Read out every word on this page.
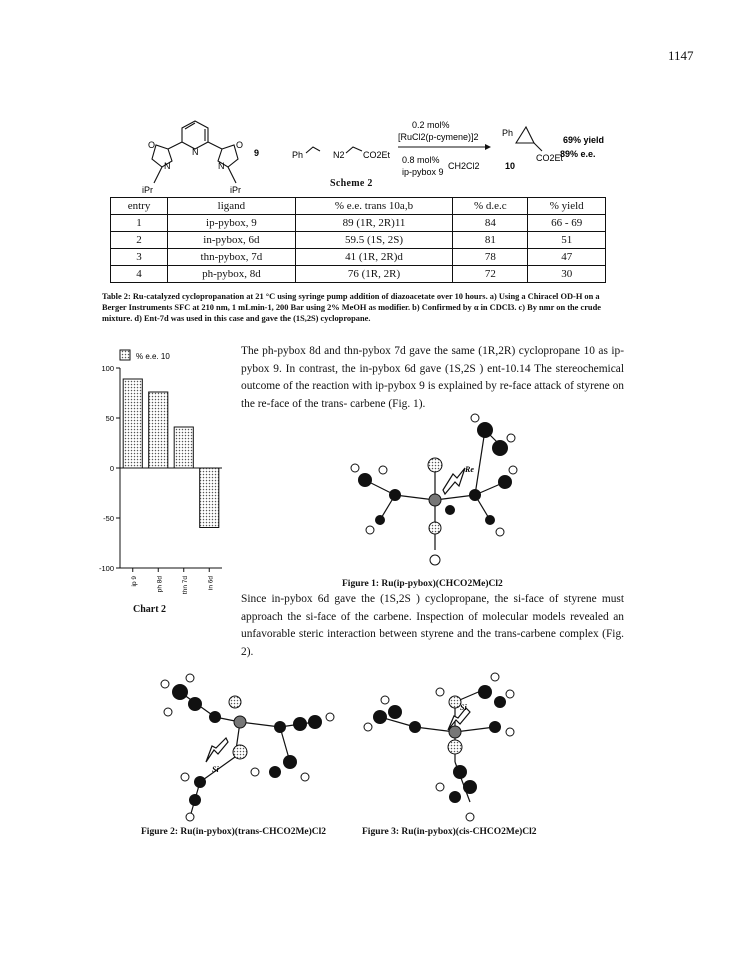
1147
O	O
N	N
N
iPr	iPr
9	Ph	N2 CO2Et
0.2 mol%
[RuCl2(p-cymene)]2
0.8 mol%
ip-pybox 9
CH2Cl2
Ph
CO2Et
10
69% yield
89% e.e.
Scheme 2
entry	ligand	% e.e. trans 10a,b	% d.e.c	% yield
1	ip-pybox, 9	89 (1R, 2R)11	84	66 - 69
2	in-pybox, 6d	59.5 (1S, 2S)	81	51
3	thn-pybox, 7d	41 (1R, 2R)d	78	47
4	ph-pybox, 8d	76 (1R, 2R)	72	30
Table 2: Ru-catalyzed cyclopropanation at 21 °C using syringe pump addition of diazoacetate over 10 hours. a) Using a Chiracel OD-H on a Berger Instruments SFC at 210 nm, 1 mLmin-1, 200 Bar using 2% MeOH as modifier. b) Confirmed by α in CDCl3. c) By nmr on the crude mixture. d) Ent-7d was used in this case and gave the (1S,2S) cyclopropane.
% e.e. 10
100
50
0
-50
-100
ip 9	ph 8d	thn 7d	in 6d
Chart 2
The ph-pybox 8d and thn-pybox 7d gave the same (1R,2R) cyclopropane 10 as ip-pybox 9. In contrast, the in-pybox 6d gave (1S,2S ) ent-10.14 The stereochemical outcome of the reaction with ip-pybox 9 is explained by re-face attack of styrene on the re-face of the trans- carbene (Fig. 1).
Re
Figure 1: Ru(ip-pybox)(CHCO2Me)Cl2
Since in-pybox 6d gave the (1S,2S ) cyclopropane, the si-face of styrene must approach the si-face of the carbene. Inspection of molecular models revealed an unfavorable steric interaction between styrene and the trans-carbene complex (Fig. 2).
Si
Figure 2: Ru(in-pybox)(trans-CHCO2Me)Cl2
Si
Figure 3: Ru(in-pybox)(cis-CHCO2Me)Cl2
